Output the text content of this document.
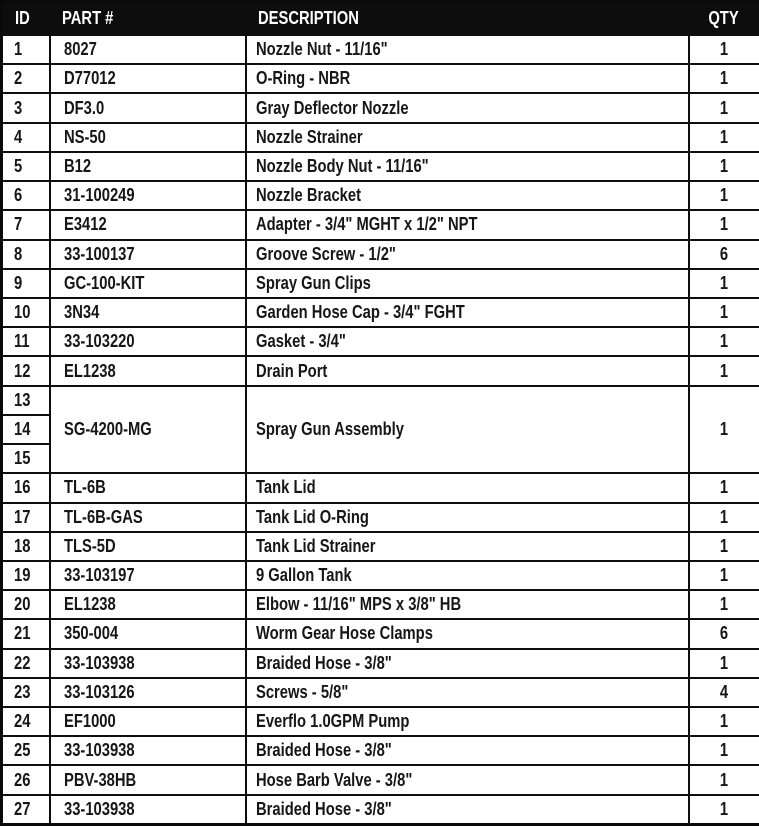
ID	PART #	DESCRIPTION	QTY
1	8027	Nozzle Nut - 11/16"	1
2	D77012	O-Ring - NBR	1
3	DF3.0	Gray Deflector Nozzle	1
4	NS-50	Nozzle Strainer	1
5	B12	Nozzle Body Nut - 11/16"	1
6	31-100249	Nozzle Bracket	1
7	E3412	Adapter - 3/4" MGHT x 1/2" NPT	1
8	33-100137	Groove Screw - 1/2"	6
9	GC-100-KIT	Spray Gun Clips	1
10	3N34	Garden Hose Cap - 3/4" FGHT	1
11	33-103220	Gasket - 3/4"	1
12	EL1238	Drain Port	1
13	SG-4200-MG	Spray Gun Assembly	1
14			
15			
16	TL-6B	Tank Lid	1
17	TL-6B-GAS	Tank Lid O-Ring	1
18	TLS-5D	Tank Lid Strainer	1
19	33-103197	9 Gallon Tank	1
20	EL1238	Elbow - 11/16" MPS x 3/8" HB	1
21	350-004	Worm Gear Hose Clamps	6
22	33-103938	Braided Hose - 3/8"	1
23	33-103126	Screws - 5/8"	4
24	EF1000	Everflo 1.0GPM Pump	1
25	33-103938	Braided Hose - 3/8"	1
26	PBV-38HB	Hose Barb Valve - 3/8"	1
27	33-103938	Braided Hose - 3/8"	1
